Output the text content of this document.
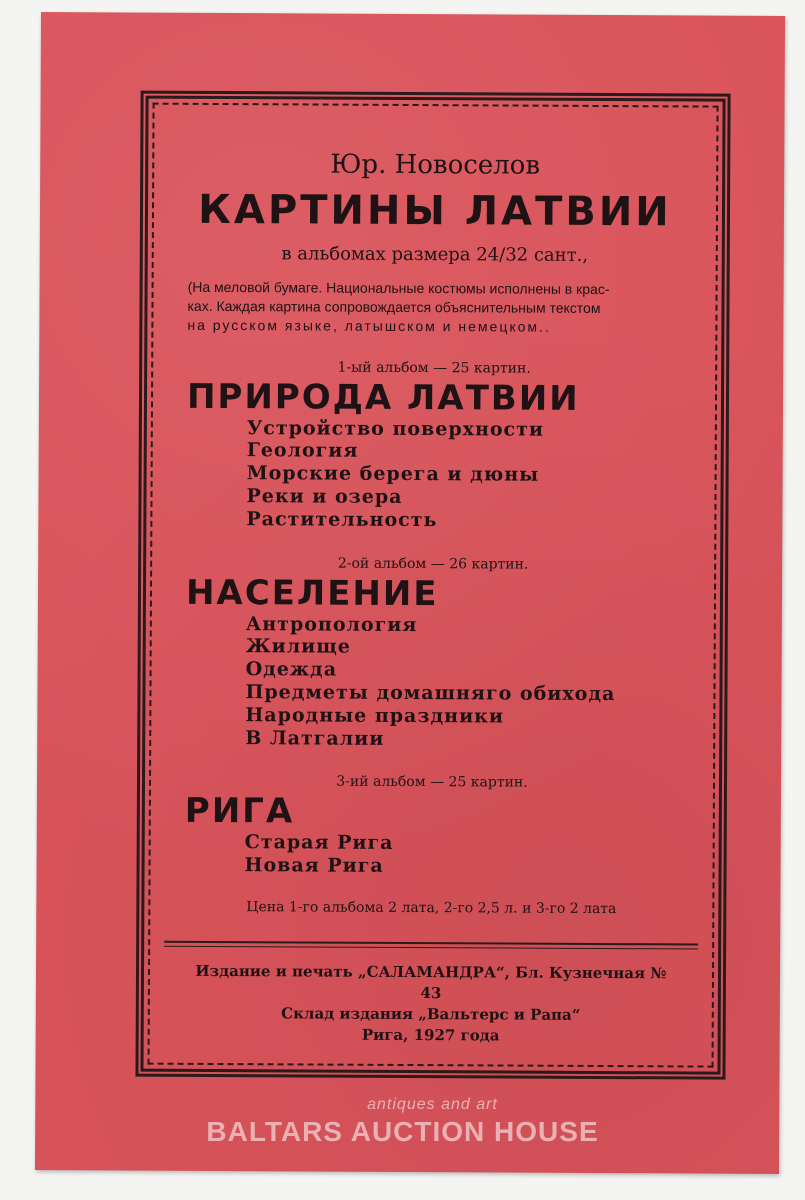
Юр. Новоселов
КАРТИНЫ ЛАТВИИ
в альбомах размера 24/32 сант.,
(На меловой бумаге. Национальные костюмы исполнены в крас-
ках. Каждая картина сопровождается объяснительным текстом
на русском языке, латышском и немецком..
1-ый альбом — 25 картин.
ПРИРОДА ЛАТВИИ
Устройство поверхности
Геология
Морские берега и дюны
Реки и озера
Растительность
2-ой альбом — 26 картин.
НАСЕЛЕНИЕ
Антропология
Жилище
Одежда
Предметы домашняго обихода
Народные праздники
В Латгалии
3-ий альбом — 25 картин.
РИГА
Старая Рига
Новая Рига
Цена 1-го альбома 2 лата, 2-го 2,5 л. и 3-го 2 лата
Издание и печать „САЛАМАНДРА“, Бл. Кузнечная № 43
Склад издания „Вальтерс и Рапа“
Рига, 1927 года
antiques and art
BALTARS AUCTION HOUSE
